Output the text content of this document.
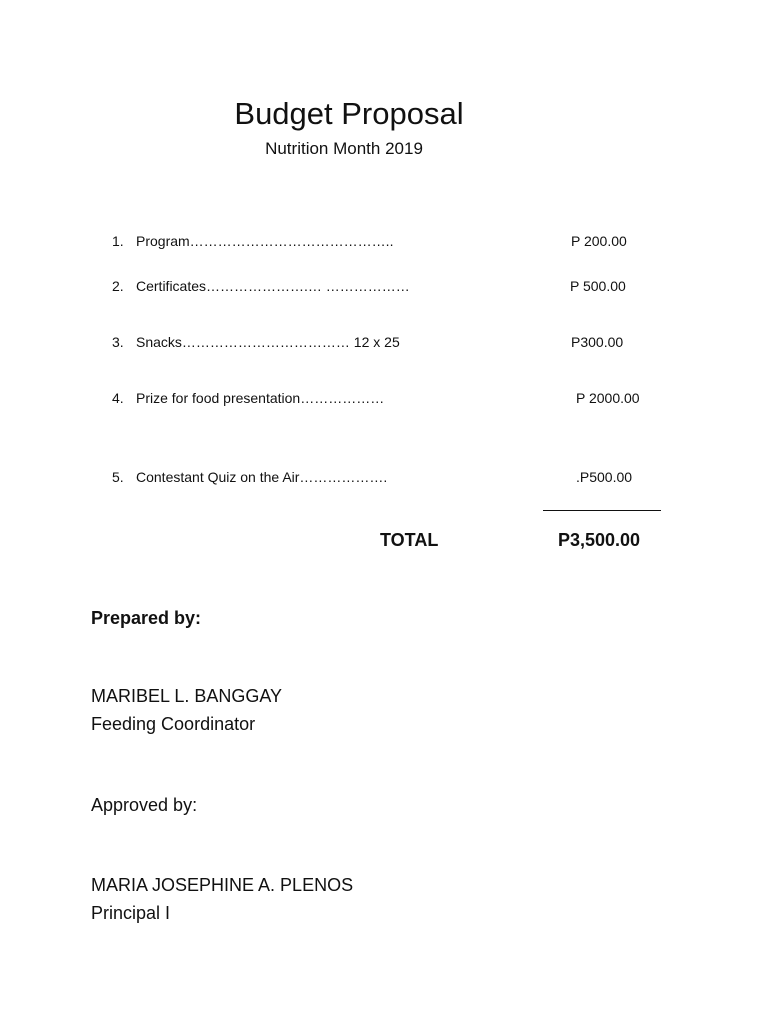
Budget Proposal
Nutrition Month 2019
1. Program……………………………………..	P 200.00
2. Certificates………………….… ………………	P 500.00
3. Snacks……………………………… 12 x 25	P300.00
4. Prize for food presentation………………	P 2000.00
5. Contestant Quiz on the Air……………….	.P500.00
TOTAL	P3,500.00
Prepared by:
MARIBEL L. BANGGAY
Feeding Coordinator
Approved by:
MARIA JOSEPHINE A. PLENOS
Principal I
